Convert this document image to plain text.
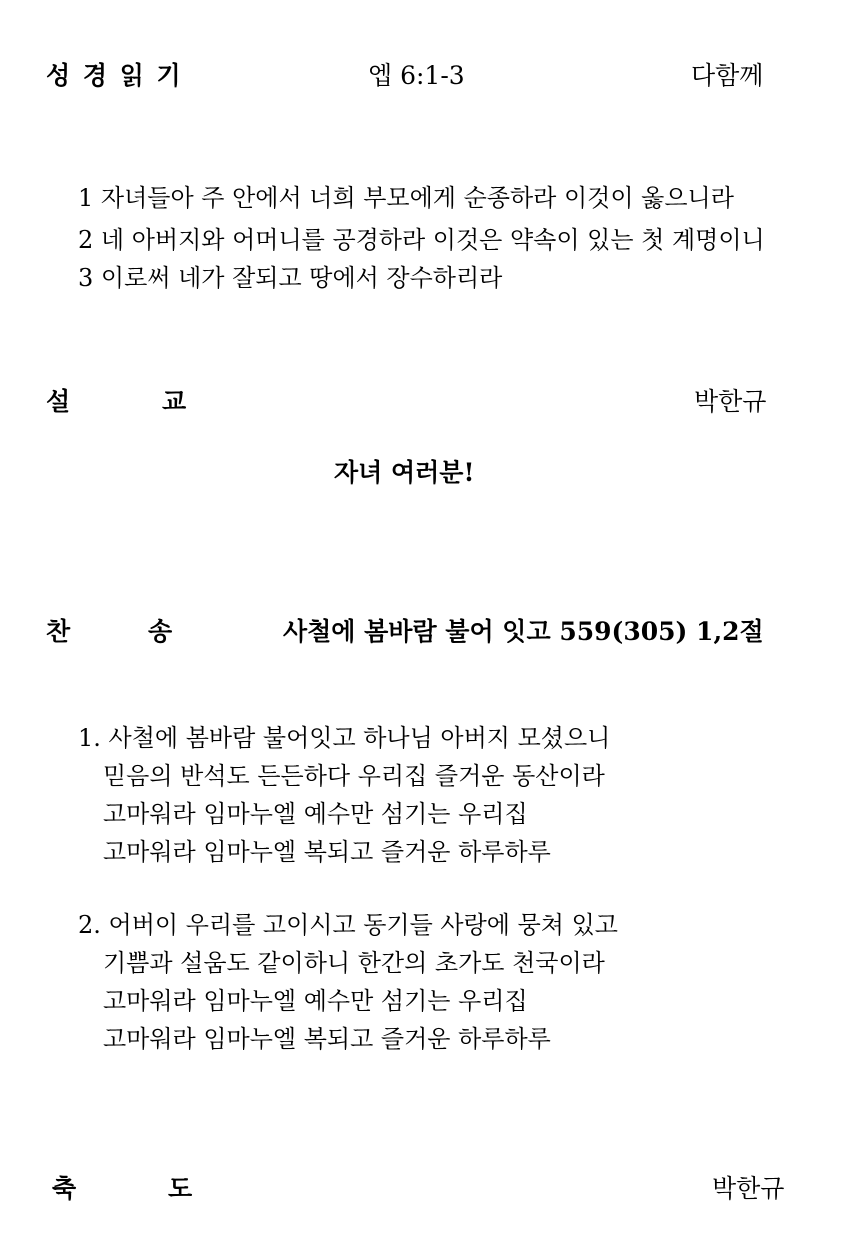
성 경 읽 기	엡 6:1-3	다함께
1 자녀들아 주 안에서 너희 부모에게 순종하라 이것이 옳으니라
2 네 아버지와 어머니를 공경하라 이것은 약속이 있는 첫 계명이니
3 이로써 네가 잘되고 땅에서 장수하리라
설	교	박한규
자녀 여러분!
찬	송	사철에 봄바람 불어 잇고 559(305) 1,2절
1. 사철에 봄바람 불어잇고 하나님 아버지 모셨으니
믿음의 반석도 든든하다 우리집 즐거운 동산이라
고마워라 임마누엘 예수만 섬기는 우리집
고마워라 임마누엘 복되고 즐거운 하루하루
2. 어버이 우리를 고이시고 동기들 사랑에 뭉쳐 있고
기쁨과 설움도 같이하니 한간의 초가도 천국이라
고마워라 임마누엘 예수만 섬기는 우리집
고마워라 임마누엘 복되고 즐거운 하루하루
축	도	박한규
